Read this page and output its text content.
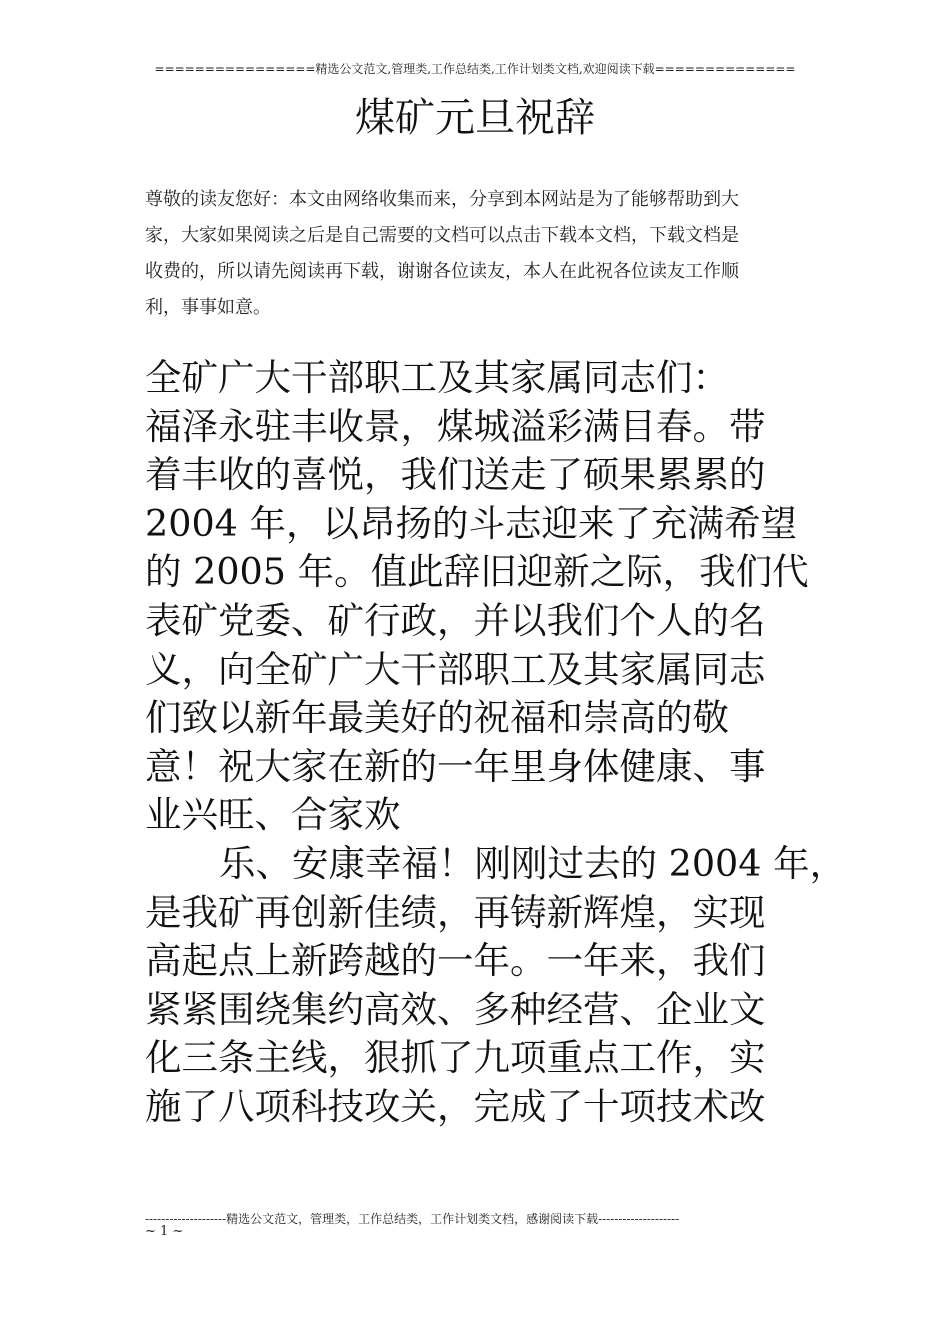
================精选公文范文,管理类,工作总结类,工作计划类文档,欢迎阅读下载==============
煤矿元旦祝辞
尊敬的读友您好：本文由网络收集而来，分享到本网站是为了能够帮助到大
家，大家如果阅读之后是自己需要的文档可以点击下载本文档，下载文档是
收费的，所以请先阅读再下载，谢谢各位读友，本人在此祝各位读友工作顺
利，事事如意。
全矿广大干部职工及其家属同志们：
福泽永驻丰收景，煤城溢彩满目春。带
着丰收的喜悦，我们送走了硕果累累的
2004 年，以昂扬的斗志迎来了充满希望
的 2005 年。值此辞旧迎新之际，我们代
表矿党委、矿行政，并以我们个人的名
义，向全矿广大干部职工及其家属同志
们致以新年最美好的祝福和崇高的敬
意！祝大家在新的一年里身体健康、事
业兴旺、合家欢
乐、安康幸福！刚刚过去的 2004 年，
是我矿再创新佳绩，再铸新辉煌，实现
高起点上新跨越的一年。一年来，我们
紧紧围绕集约高效、多种经营、企业文
化三条主线，狠抓了九项重点工作，实
施了八项科技攻关，完成了十项技术改
--------------------精选公文范文，管理类，工作总结类，工作计划类文档，感谢阅读下载--------------------
~ 1 ~
